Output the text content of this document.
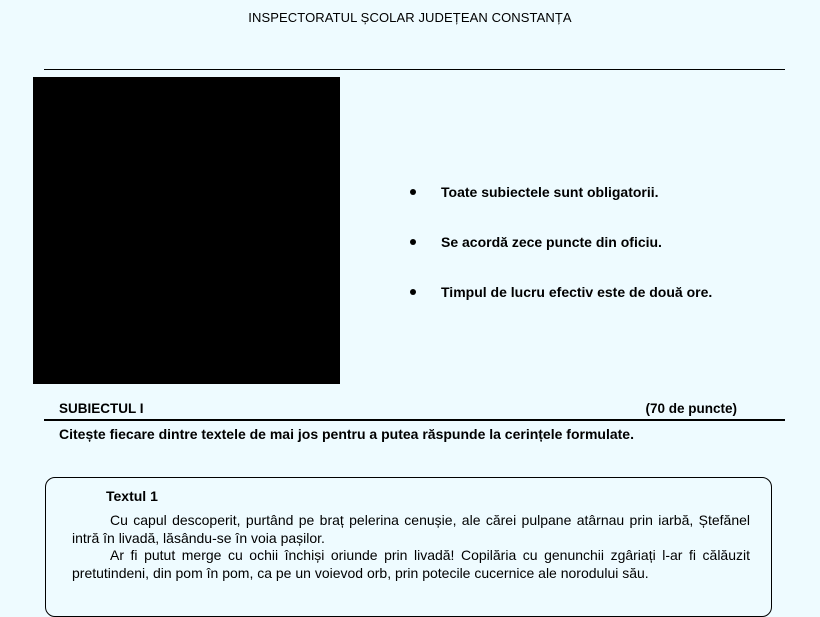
INSPECTORATUL ȘCOLAR JUDEȚEAN CONSTANȚA
Toate subiectele sunt obligatorii.
Se acordă zece puncte din oficiu.
Timpul de lucru efectiv este de două ore.
SUBIECTUL I	(70 de puncte)
Citește fiecare dintre textele de mai jos pentru a putea răspunde la cerințele formulate.
Textul 1

Cu capul descoperit, purtând pe braț pelerina cenușie, ale cărei pulpane atârnau prin iarbă, Ștefănel intră în livadă, lăsându-se în voia pașilor.

Ar fi putut merge cu ochii închiși oriunde prin livadă! Copilăria cu genunchii zgâriați l-ar fi călăuzit pretutindeni, din pom în pom, ca pe un voievod orb, prin potecile cucernice ale norodului său.
